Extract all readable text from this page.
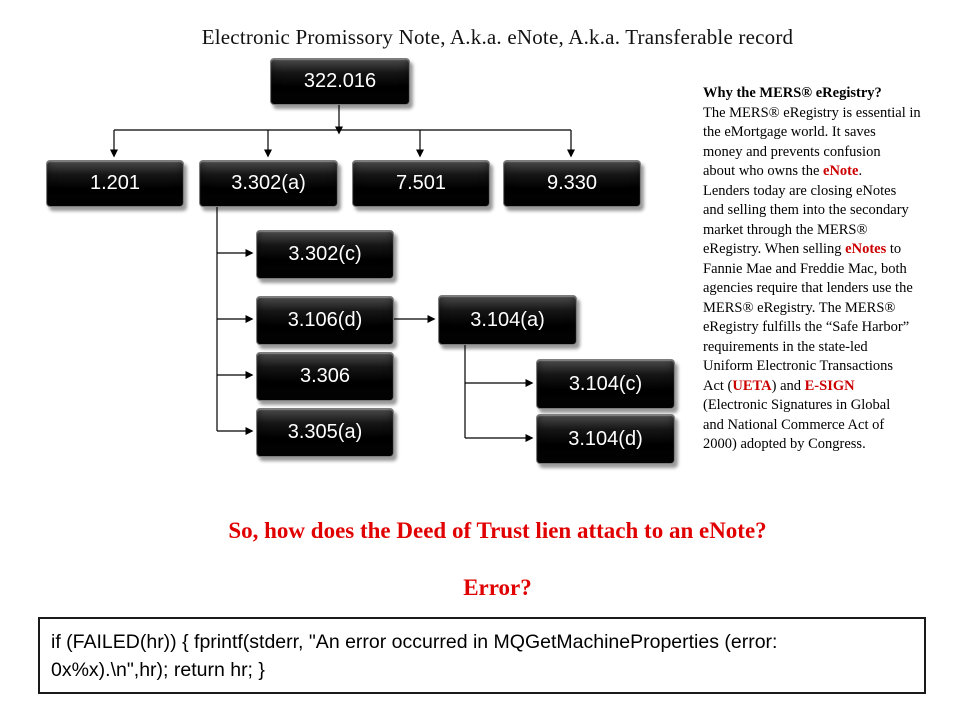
Electronic Promissory Note, A.k.a. eNote, A.k.a. Transferable record
322.016
1.201	3.302(a)	7.501	9.330
3.302(c)
3.106(d)
3.306
3.305(a)
3.104(a)
3.104(c)
3.104(d)
Why the MERS® eRegistry?
The MERS® eRegistry is essential in
the eMortgage world. It saves
money and prevents confusion
about who owns the eNote.
Lenders today are closing eNotes
and selling them into the secondary
market through the MERS®
eRegistry. When selling eNotes to
Fannie Mae and Freddie Mac, both
agencies require that lenders use the
MERS® eRegistry. The MERS®
eRegistry fulfills the “Safe Harbor”
requirements in the state-led
Uniform Electronic Transactions
Act (UETA) and E-SIGN
(Electronic Signatures in Global
and National Commerce Act of
2000) adopted by Congress.
So, how does the Deed of Trust lien attach to an eNote?
Error?
if (FAILED(hr)) { fprintf(stderr, "An error occurred in MQGetMachineProperties (error:
0x%x).\n",hr); return hr; }
